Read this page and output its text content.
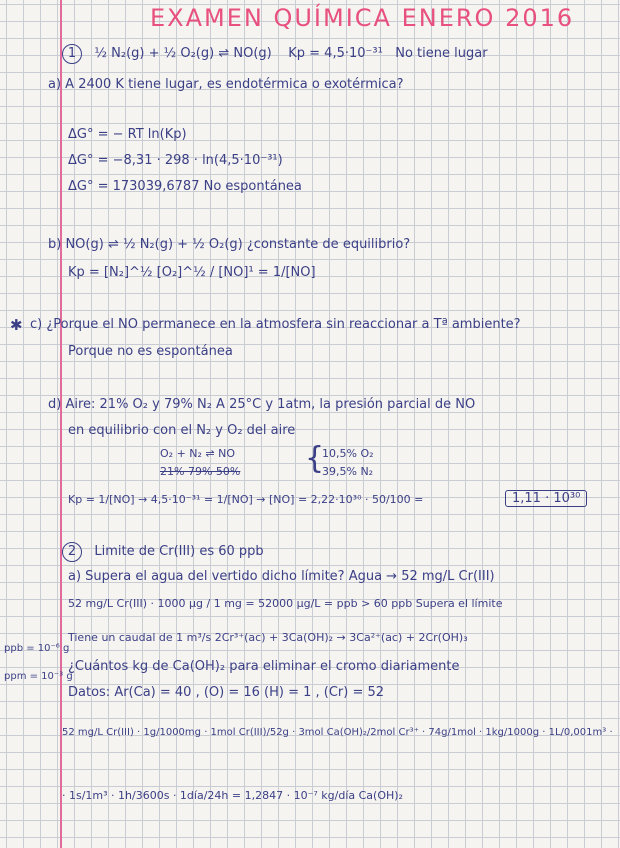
EXAMEN QUÍMICA ENERO 2016
1 ½ N₂(g) + ½ O₂(g) ⇌ NO(g) Kp = 4,5·10⁻³¹ No tiene lugar
a) A 2400 K tiene lugar, es endotérmica o exotérmica?
ΔG° = − RT ln(Kp)
ΔG° = −8,31 · 298 · ln(4,5·10⁻³¹)
ΔG° = 173039,6787 No espontánea
b) NO(g) ⇌ ½ N₂(g) + ½ O₂(g) ¿constante de equilibrio?
Kp = [N₂]^½ [O₂]^½ / [NO]¹ = 1/[NO]
✱ c) ¿Porque el NO permanece en la atmosfera sin reaccionar a Tª ambiente?
Porque no es espontánea
d) Aire: 21% O₂ y 79% N₂ A 25°C y 1atm, la presión parcial de NO
en equilibrio con el N₂ y O₂ del aire
O₂ + N₂ ⇌ NO
21% 79% 50% {
10,5% O₂
39,5% N₂
Kp = 1/[NO] → 4,5·10⁻³¹ = 1/[NO] → [NO] = 2,22·10³⁰ · 50/100 =	1,11 · 10³⁰
2 Limite de Cr(III) es 60 ppb
a) Supera el agua del vertido dicho límite? Agua → 52 mg/L Cr(III)
52 mg/L Cr(III) · 1000 μg / 1 mg = 52000 μg/L = ppb > 60 ppb Supera el límite
ppb = 10⁻⁶ g
ppm = 10⁻³ g
Tiene un caudal de 1 m³/s 2Cr³⁺(ac) + 3Ca(OH)₂ → 3Ca²⁺(ac) + 2Cr(OH)₃
¿Cuántos kg de Ca(OH)₂ para eliminar el cromo diariamente
Datos: Ar(Ca) = 40 , (O) = 16 (H) = 1 , (Cr) = 52
52 mg/L Cr(III) · 1g/1000mg · 1mol Cr(III)/52g · 3mol Ca(OH)₂/2mol Cr³⁺ · 74g/1mol · 1kg/1000g · 1L/0,001m³ ·
· 1s/1m³ · 1h/3600s · 1día/24h = 1,2847 · 10⁻⁷ kg/día Ca(OH)₂
